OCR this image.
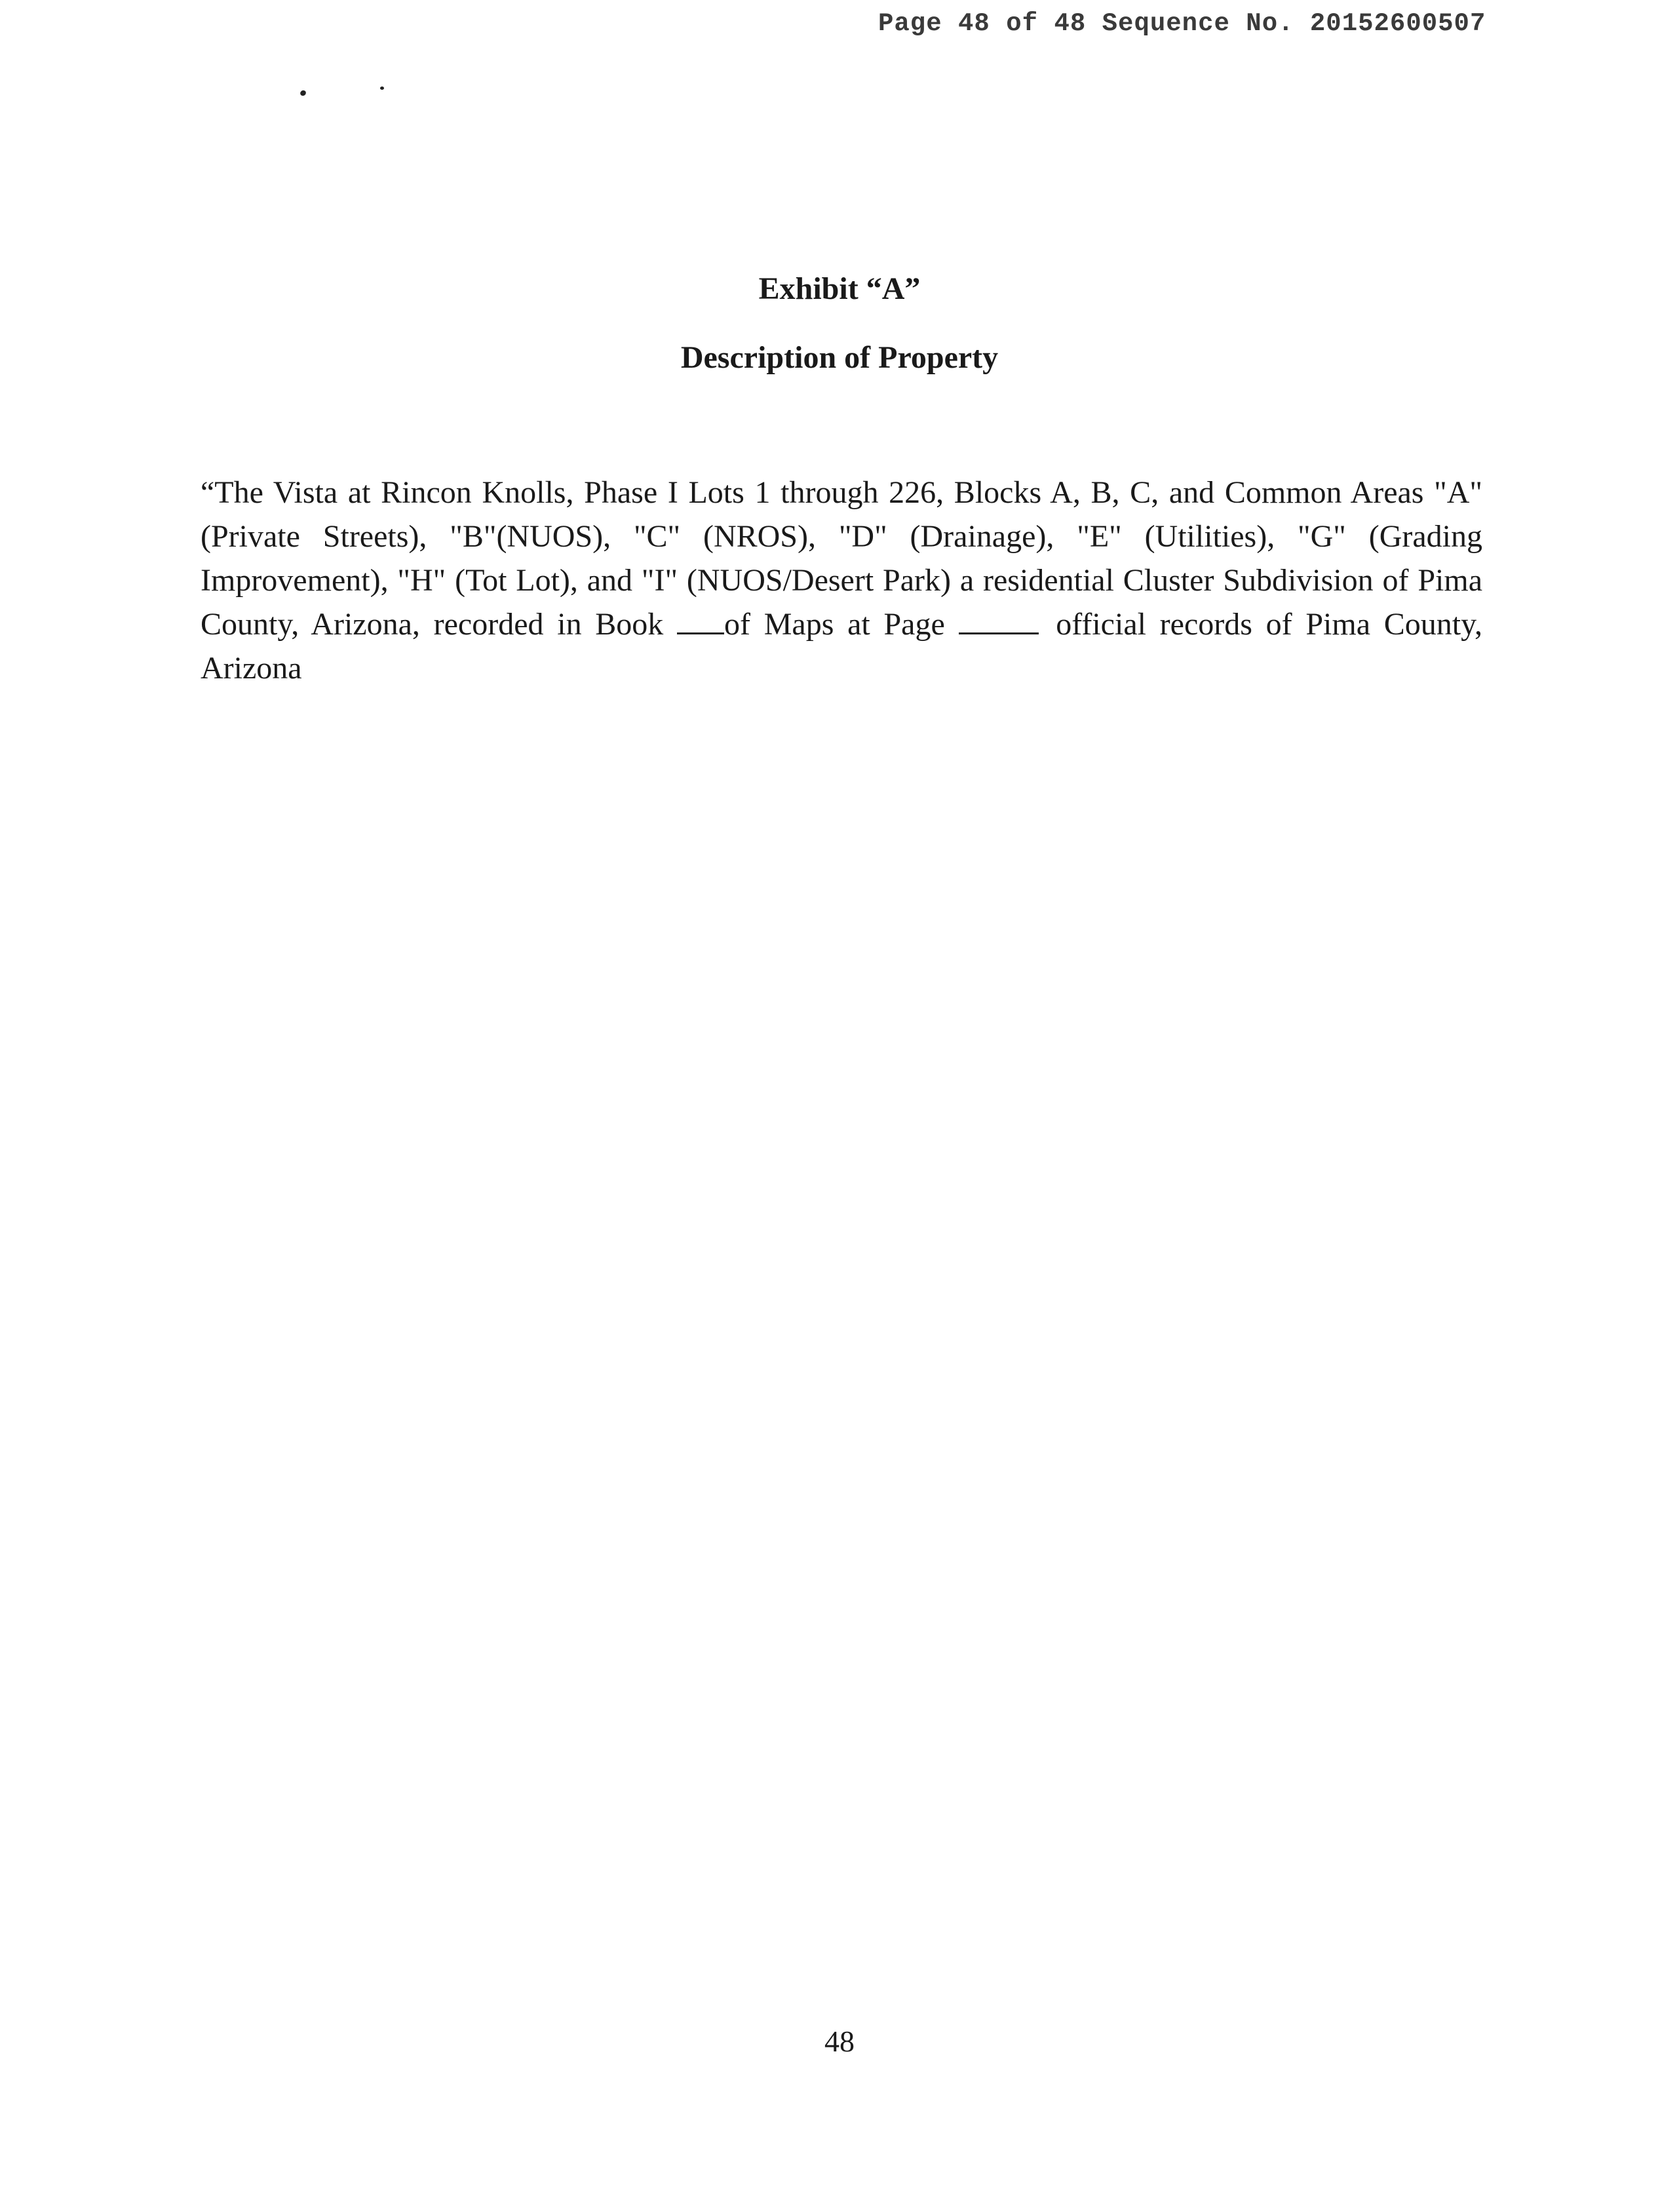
Page 48 of 48 Sequence No. 20152600507
Exhibit “A”
Description of Property

“The Vista at Rincon Knolls, Phase I Lots 1 through 226, Blocks A, B, C, and Common Areas "A"(Private Streets), "B"(NUOS), "C" (NROS), "D" (Drainage), "E" (Utilities), "G" (Grading Improvement), "H" (Tot Lot), and "I" (NUOS/Desert Park) a residential Cluster Subdivision of Pima County, Arizona, recorded in Book of Maps at Page	official records of Pima County, Arizona

48
